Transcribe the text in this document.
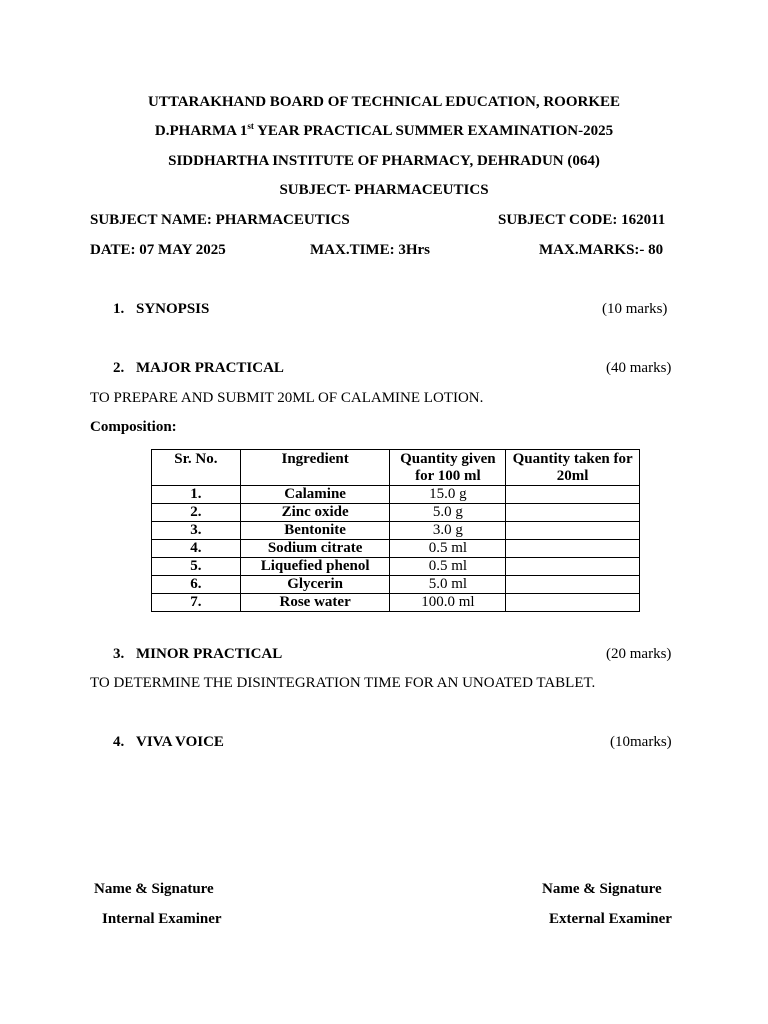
UTTARAKHAND BOARD OF TECHNICAL EDUCATION, ROORKEE
D.PHARMA 1st YEAR PRACTICAL SUMMER EXAMINATION-2025
SIDDHARTHA INSTITUTE OF PHARMACY, DEHRADUN (064)
SUBJECT- PHARMACEUTICS
SUBJECT NAME: PHARMACEUTICS	SUBJECT CODE: 162011
DATE: 07 MAY 2025	MAX.TIME: 3Hrs	MAX.MARKS:- 80
1. SYNOPSIS	(10 marks)
2. MAJOR PRACTICAL	(40 marks)
TO PREPARE AND SUBMIT 20ML OF CALAMINE LOTION.
Composition:
Sr. No.	Ingredient	Quantity given for 100 ml	Quantity taken for 20ml
1.	Calamine	15.0 g	
2.	Zinc oxide	5.0 g	
3.	Bentonite	3.0 g	
4.	Sodium citrate	0.5 ml	
5.	Liquefied phenol	0.5 ml	
6.	Glycerin	5.0 ml	
7.	Rose water	100.0 ml	
3. MINOR PRACTICAL	(20 marks)
TO DETERMINE THE DISINTEGRATION TIME FOR AN UNOATED TABLET.
4. VIVA VOICE	(10marks)
Name & Signature
Internal Examiner
Name & Signature
External Examiner
